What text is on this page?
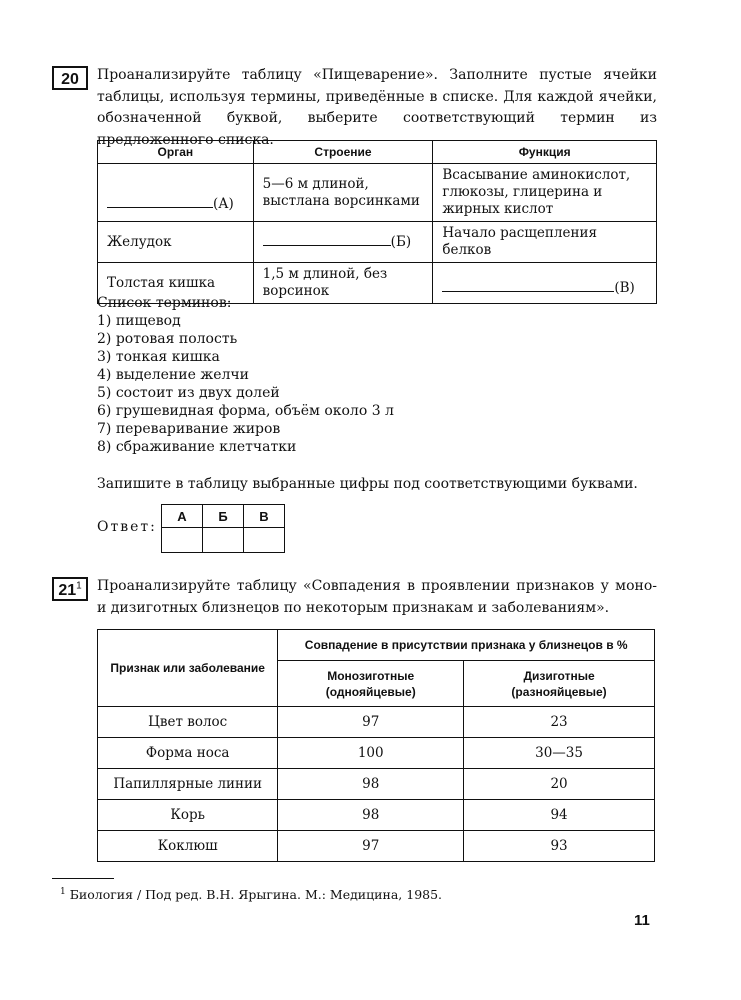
20	Проанализируйте таблицу «Пищеварение». Заполните пустые ячейки таблицы, используя термины, приведённые в списке. Для каждой ячейки, обозначенной буквой, выберите соответствующий термин из предложенного списка.
Орган	Строение	Функция
(А)	5—6 м длиной, выстлана ворсинками	Всасывание аминокислот, глюкозы, глицерина и жирных кислот
Желудок	(Б)	Начало расщепления белков
Толстая кишка	1,5 м длиной, без ворсинок	(В)
Список терминов:
1) пищевод
2) ротовая полость
3) тонкая кишка
4) выделение желчи
5) состоит из двух долей
6) грушевидная форма, объём около 3 л
7) переваривание жиров
8) сбраживание клетчатки
Запишите в таблицу выбранные цифры под соответствующими буквами.
Ответ:
А	Б	В

$21^1$	Проанализируйте таблицу «Совпадения в проявлении признаков у моно- и дизиготных близнецов по некоторым признакам и заболеваниям».
Признак или заболевание	Совпадение в присутствии признака у близнецов в %	
	Монозиготные (однояйцевые)	Дизиготные (разнояйцевые)
Цвет волос	97	23
Форма носа	100	30—35
Папиллярные линии	98	20
Корь	98	94
Коклюш	97	93
$^1$ Биология / Под ред. В.Н. Ярыгина. М.: Медицина, 1985.
11
